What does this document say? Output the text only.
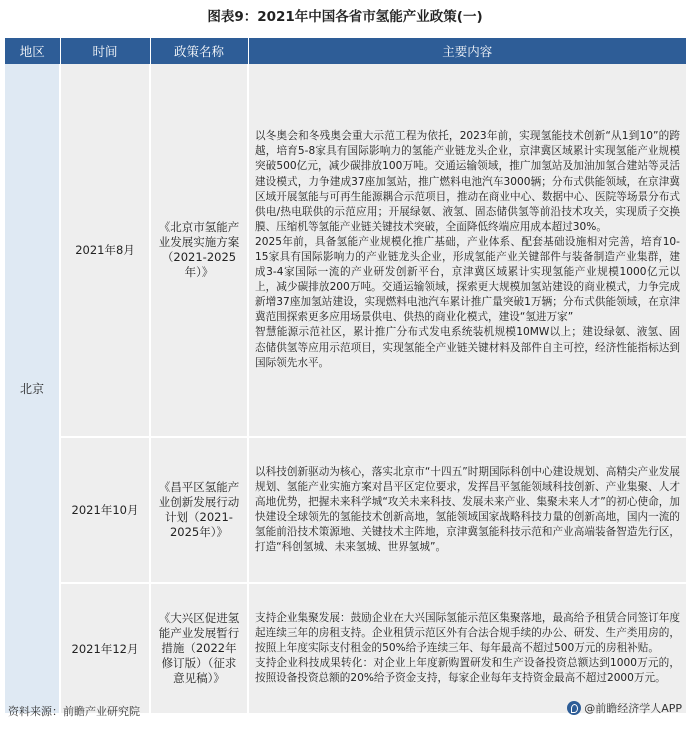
图表9：2021年中国各省市氢能产业政策(一)
地区	时间	政策名称	主要内容
北京	2021年8月	《北京市氢能产业发展实施方案（2021-2025年）》	以冬奥会和冬残奥会重大示范工程为依托，2023年前，实现氢能技术创新“从1到10”的跨越，培育5-8家具有国际影响力的氢能产业链龙头企业，京津冀区域累计实现氢能产业规模突破500亿元，减少碳排放100万吨。交通运输领域，推广加氢站及加油加氢合建站等灵活建设模式，力争建成37座加氢站，推广燃料电池汽车3000辆；分布式供能领域，在京津冀区域开展氢能与可再生能源耦合示范项目，推动在商业中心、数据中心、医院等场景分布式供电/热电联供的示范应用；开展绿氨、液氢、固态储供氢等前沿技术攻关，实现质子交换膜、压缩机等氢能产业链关键技术突破，全面降低终端应用成本超过30%。
2025年前，具备氢能产业规模化推广基础，产业体系、配套基础设施相对完善，培育10-15家具有国际影响力的产业链龙头企业，形成氢能产业关键部件与装备制造产业集群，建成3-4家国际一流的产业研发创新平台，京津冀区域累计实现氢能产业规模1000亿元以上，减少碳排放200万吨。交通运输领域，探索更大规模加氢站建设的商业模式，力争完成新增37座加氢站建设，实现燃料电池汽车累计推广量突破1万辆；分布式供能领域，在京津冀范围探索更多应用场景供电、供热的商业化模式，建设“氢进万家”
智慧能源示范社区，累计推广分布式发电系统装机规模10MW以上；建设绿氨、液氢、固态储供氢等应用示范项目，实现氢能全产业链关键材料及部件自主可控，经济性能指标达到国际领先水平。

	2021年10月	《昌平区氢能产业创新发展行动计划（2021-2025年）》	以科技创新驱动为核心，落实北京市“十四五”时期国际科创中心建设规划、高精尖产业发展规划、氢能产业实施方案对昌平区定位要求，发挥昌平氢能领域科技创新、产业集聚、人才高地优势，把握未来科学城“攻关未来科技、发展未来产业、集聚未来人才”的初心使命，加快建设全球领先的氢能技术创新高地，氢能领域国家战略科技力量的创新高地，国内一流的氢能前沿技术策源地、关键技术主阵地，京津冀氢能科技示范和产业高端装备智造先行区，打造“科创氢城、未来氢城、世界氢城”。

	2021年12月	《大兴区促进氢能产业发展暂行措施（2022年修订版）（征求意见稿）》	支持企业集聚发展：鼓励企业在大兴国际氢能示范区集聚落地，最高给予租赁合同签订年度起连续三年的房租支持。企业租赁示范区外有合法合规手续的办公、研发、生产类用房的，按照上年度实际支付租金的50%给予连续三年、每年最高不超过500万元的房租补贴。
支持企业科技成果转化：对企业上年度新购置研发和生产设备投资总额达到1000万元的，按照设备投资总额的20%给予资金支持，每家企业每年支持资金最高不超过2000万元。
资料来源：前瞻产业研究院	@前瞻经济学人APP
